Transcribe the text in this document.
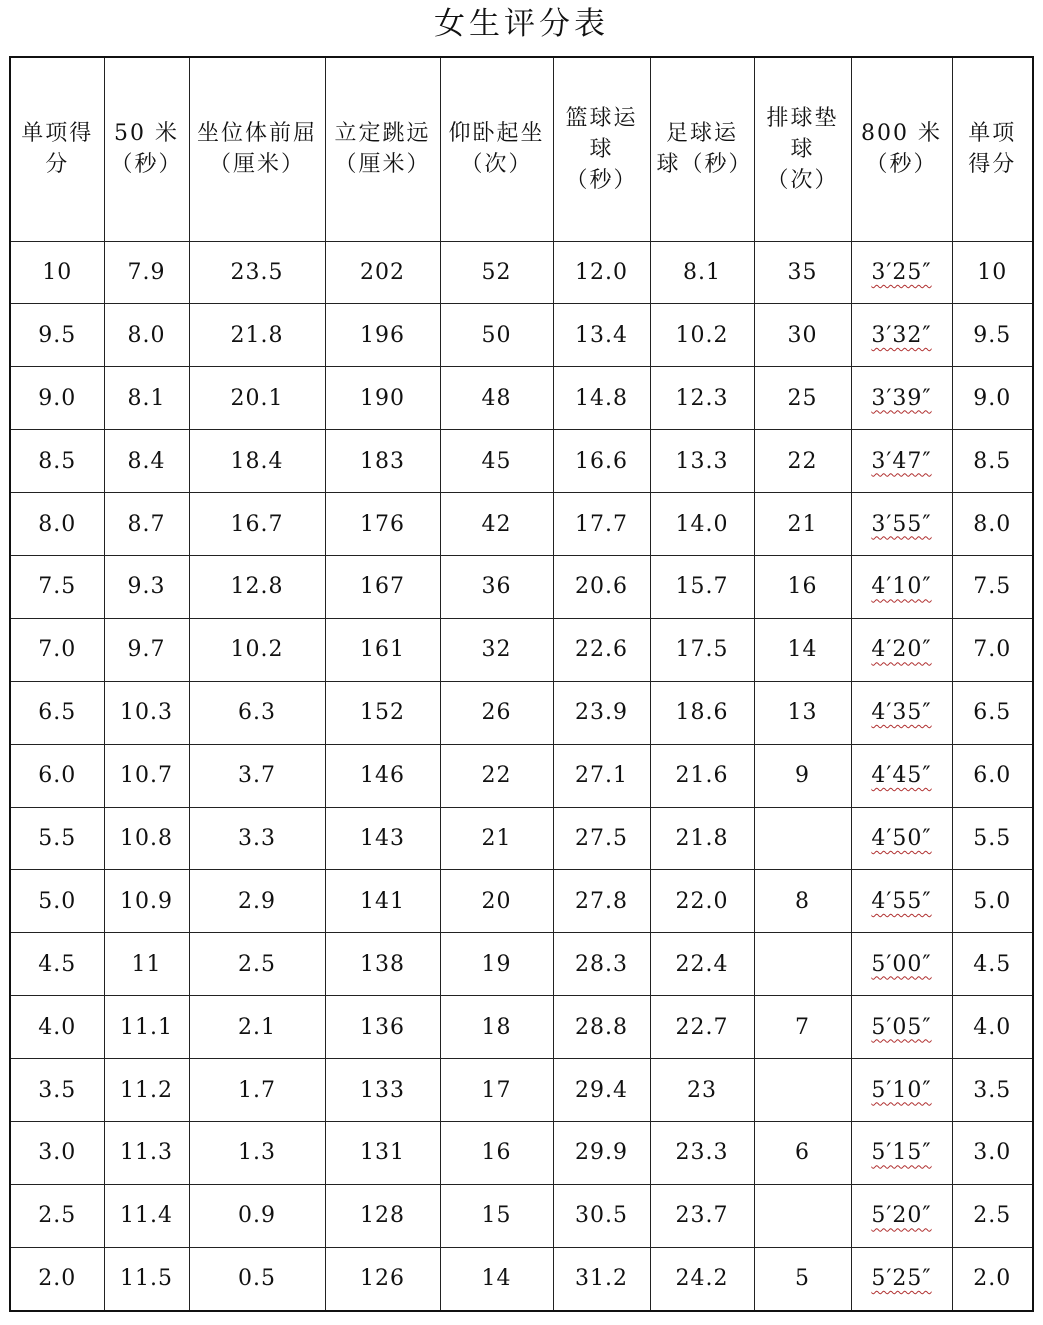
女生评分表
单项得分	50 米（秒）	坐位体前屈（厘米）	立定跳远（厘米）	仰卧起坐（次）	篮球运球（秒）	足球运球（秒）	排球垫球（次）	800 米（秒）	单项得分
10	7.9	23.5	202	52	12.0	8.1	35	3′25″	10
9.5	8.0	21.8	196	50	13.4	10.2	30	3′32″	9.5
9.0	8.1	20.1	190	48	14.8	12.3	25	3′39″	9.0
8.5	8.4	18.4	183	45	16.6	13.3	22	3′47″	8.5
8.0	8.7	16.7	176	42	17.7	14.0	21	3′55″	8.0
7.5	9.3	12.8	167	36	20.6	15.7	16	4′10″	7.5
7.0	9.7	10.2	161	32	22.6	17.5	14	4′20″	7.0
6.5	10.3	6.3	152	26	23.9	18.6	13	4′35″	6.5
6.0	10.7	3.7	146	22	27.1	21.6	9	4′45″	6.0
5.5	10.8	3.3	143	21	27.5	21.8		4′50″	5.5
5.0	10.9	2.9	141	20	27.8	22.0	8	4′55″	5.0
4.5	11	2.5	138	19	28.3	22.4		5′00″	4.5
4.0	11.1	2.1	136	18	28.8	22.7	7	5′05″	4.0
3.5	11.2	1.7	133	17	29.4	23		5′10″	3.5
3.0	11.3	1.3	131	16	29.9	23.3	6	5′15″	3.0
2.5	11.4	0.9	128	15	30.5	23.7		5′20″	2.5
2.0	11.5	0.5	126	14	31.2	24.2	5	5′25″	2.0
